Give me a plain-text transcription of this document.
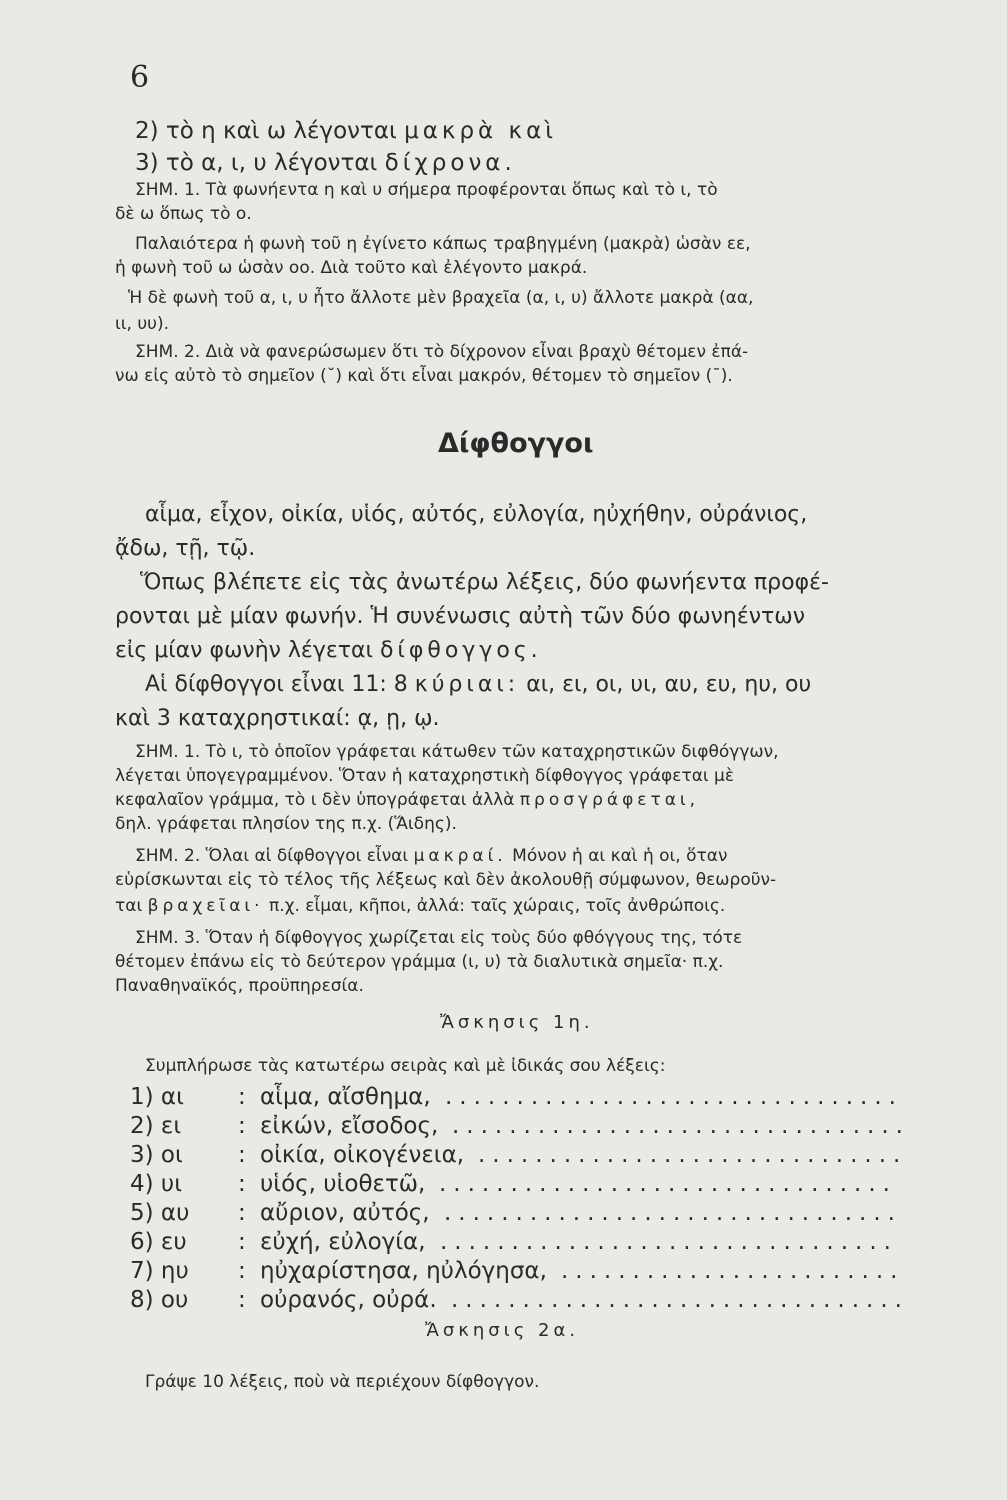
6
2) τὸ η καὶ ω λέγονται μακρὰ καὶ
3) τὸ α, ι, υ λέγονται δίχρονα.
ΣΗΜ. 1. Τὰ φωνήεντα η καὶ υ σήμερα προφέρονται ὅπως καὶ τὸ ι, τὸ
δὲ ω ὅπως τὸ ο.
Παλαιότερα ἡ φωνὴ τοῦ η ἐγίνετο κάπως τραβηγμένη (μακρὰ) ὡσὰν εε,
ἡ φωνὴ τοῦ ω ὡσὰν οο. Διὰ τοῦτο καὶ ἐλέγοντο μακρά.
Ἡ δὲ φωνὴ τοῦ α, ι, υ ἦτο ἄλλοτε μὲν βραχεῖα (α, ι, υ) ἄλλοτε μακρὰ (αα,
ιι, υυ).
ΣΗΜ. 2. Διὰ νὰ φανερώσωμεν ὅτι τὸ δίχρονον εἶναι βραχὺ θέτομεν ἐπά-
νω εἰς αὐτὸ τὸ σημεῖον (˘) καὶ ὅτι εἶναι μακρόν, θέτομεν τὸ σημεῖον (¯).
Δίφθογγοι
αἷμα, εἶχον, οἰκία, υἱός, αὐτός, εὐλογία, ηὐχήθην, οὐράνιος,
ᾄδω, τῇ, τῷ.
Ὅπως βλέπετε εἰς τὰς ἀνωτέρω λέξεις, δύο φωνήεντα προφέ-
ρονται μὲ μίαν φωνήν. Ἡ συνένωσις αὐτὴ τῶν δύο φωνηέντων
εἰς μίαν φωνὴν λέγεται δίφθογγος.
Αἱ δίφθογγοι εἶναι 11: 8 κύριαι: αι, ει, οι, υι, αυ, ευ, ηυ, ου
καὶ 3 καταχρηστικαί: ᾳ, ῃ, ῳ.
ΣΗΜ. 1. Τὸ ι, τὸ ὁποῖον γράφεται κάτωθεν τῶν καταχρηστικῶν διφθόγγων,
λέγεται ὑπογεγραμμένον. Ὅταν ἡ καταχρηστικὴ δίφθογγος γράφεται μὲ
κεφαλαῖον γράμμα, τὸ ι δὲν ὑπογράφεται ἀλλὰ προσγράφεται,
δηλ. γράφεται πλησίον της π.χ. (Ἅιδης).
ΣΗΜ. 2. Ὅλαι αἱ δίφθογγοι εἶναι μακραί. Μόνον ἡ αι καὶ ἡ οι, ὅταν
εὑρίσκωνται εἰς τὸ τέλος τῆς λέξεως καὶ δὲν ἀκολουθῇ σύμφωνον, θεωροῦν-
ται βραχεῖαι· π.χ. εἶμαι, κῆποι, ἀλλά: ταῖς χώραις, τοῖς ἀνθρώποις.
ΣΗΜ. 3. Ὅταν ἡ δίφθογγος χωρίζεται εἰς τοὺς δύο φθόγγους της, τότε
θέτομεν ἐπάνω εἰς τὸ δεύτερον γράμμα (ι, υ) τὰ διαλυτικὰ σημεῖα· π.χ.
Παναθηναϊκός, προϋπηρεσία.
Ἄσκησις 1η.
Συμπλήρωσε τὰς κατωτέρω σειρὰς καὶ μὲ ἰδικάς σου λέξεις:
1) αι : αἷμα, αἴσθημα, ................................
2) ει : εἰκών, εἴσοδος, ................................
3) οι : οἰκία, οἰκογένεια, ..............................
4) υι : υἱός, υἱοθετῶ, ................................
5) αυ : αὔριον, αὐτός, ................................
6) ευ : εὐχή, εὐλογία, ................................
7) ηυ : ηὐχαρίστησα, ηὐλόγησα, ........................
8) ου : οὐρανός, οὐρά. ................................
Ἄσκησις 2α.
Γράψε 10 λέξεις, ποὺ νὰ περιέχουν δίφθογγον.
